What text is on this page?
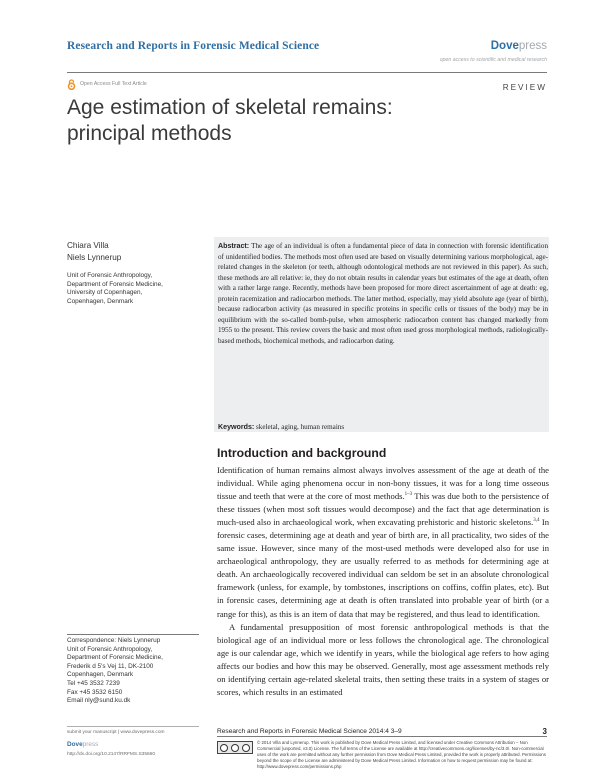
Research and Reports in Forensic Medical Science	Dovepress
open access to scientific and medical research
Open Access Full Text Article	REVIEW
Age estimation of skeletal remains:
principal methods
Chiara Villa
Niels Lynnerup
Unit of Forensic Anthropology,
Department of Forensic Medicine,
University of Copenhagen,
Copenhagen, Denmark
Abstract: The age of an individual is often a fundamental piece of data in connection with forensic identification of unidentified bodies. The methods most often used are based on visually determining various morphological, age-related changes in the skeleton (or teeth, although odontological methods are not reviewed in this paper). As such, these methods are all relative: ie, they do not obtain results in calendar years but estimates of the age at death, often with a rather large range. Recently, methods have been proposed for more direct ascertainment of age at death: eg, protein racemization and radiocarbon methods. The latter method, especially, may yield absolute age (year of birth), because radiocarbon activity (as measured in specific proteins in specific cells or tissues of the body) may be in equilibrium with the so-called bomb-pulse, when atmospheric radiocarbon content has changed markedly from 1955 to the present. This review covers the basic and most often used gross morphological methods, radiologically-based methods, biochemical methods, and radiocarbon dating.
Keywords: skeletal, aging, human remains
Introduction and background

Identification of human remains almost always involves assessment of the age at death of the individual. While aging phenomena occur in non-bony tissues, it was for a long time osseous tissue and teeth that were at the core of most methods.$^{1-3}$ This was due both to the persistence of these tissues (when most soft tissues would decompose) and the fact that age determination is much-used also in archaeological work, when excavating prehistoric and historic skeletons.$^{3,4}$ In forensic cases, determining age at death and year of birth are, in all practicality, two sides of the same issue. However, since many of the most-used methods were developed also for use in archaeological anthropology, they are usually referred to as methods for determining age at death. An archaeologically recovered individual can seldom be set in an absolute chronological framework (unless, for example, by tombstones, inscriptions on coffins, coffin plates, etc). But in forensic cases, determining age at death is often translated into probable year of birth (or a range for this), as this is an item of data that may be registered, and thus lead to identification.

A fundamental presupposition of most forensic anthropological methods is that the biological age of an individual more or less follows the chronological age. The chronological age is our calendar age, which we identify in years, while the biological age refers to how aging affects our bodies and how this may be observed. Generally, most age assessment methods rely on identifying certain age-related skeletal traits, then setting these traits in a system of stages or scores, which results in an estimated

Correspondence: Niels Lynnerup
Unit of Forensic Anthropology,
Department of Forensic Medicine,
Frederik d 5's Vej 11, DK-2100
Copenhagen, Denmark
Tel +45 3532 7239
Fax +45 3532 6150
Email nly@sund.ku.dk
submit your manuscript | www.dovepress.com
Dovepress
http://dx.doi.org/10.2147/RRFMS.S35660
Research and Reports in Forensic Medical Science 2014:4 3–9	3
© 2014 Villa and Lynnerup. This work is published by Dove Medical Press Limited, and licensed under Creative Commons Attribution – Non Commercial (unported, v3.0) License. The full terms of the License are available at http://creativecommons.org/licenses/by-nc/3.0/. Non-commercial uses of the work are permitted without any further permission from Dove Medical Press Limited, provided the work is properly attributed. Permissions beyond the scope of the License are administered by Dove Medical Press Limited. Information on how to request permission may be found at: http://www.dovepress.com/permissions.php
